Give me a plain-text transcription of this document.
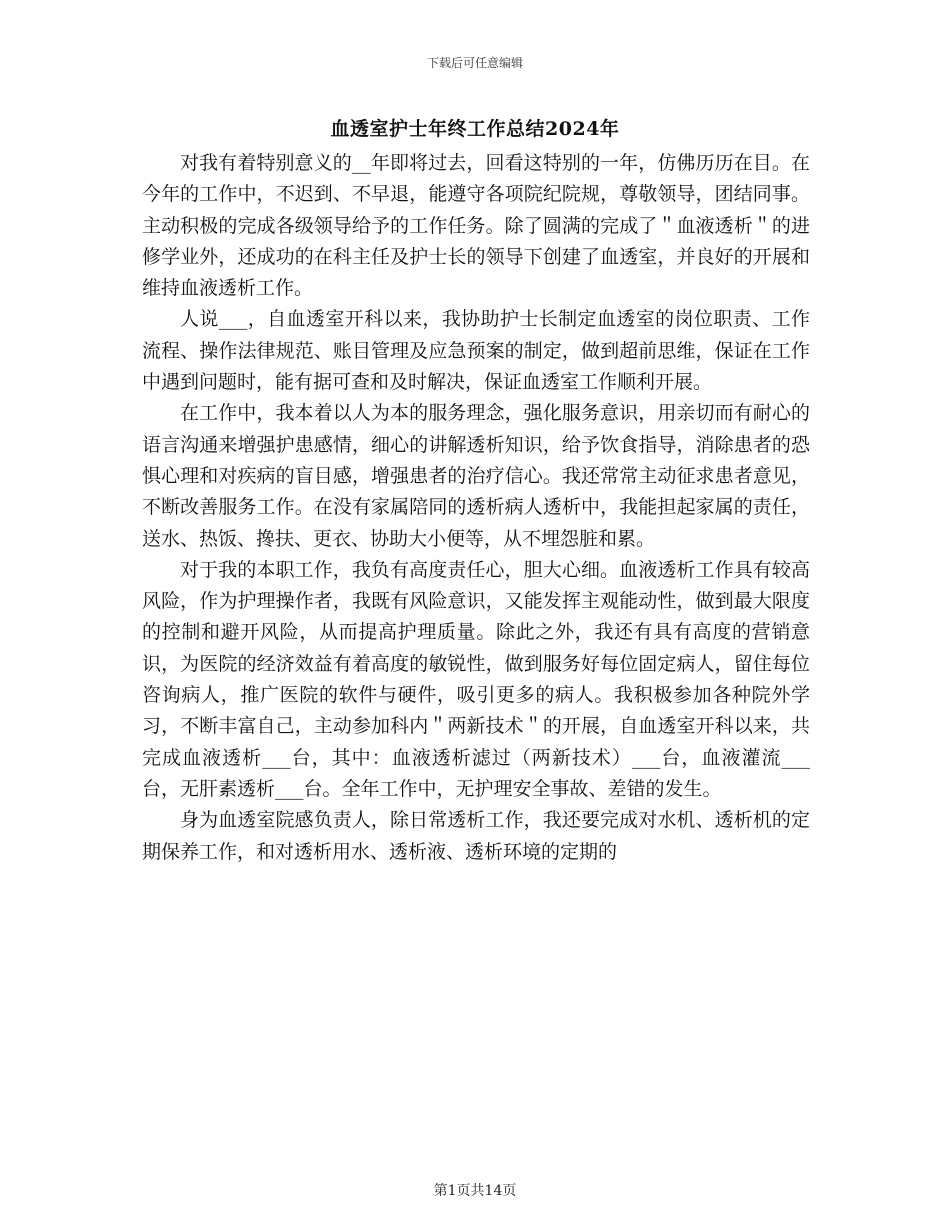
下载后可任意编辑
血透室护士年终工作总结2024年

对我有着特别意义的__年即将过去，回看这特别的一年，仿佛历历在目。在今年的工作中，不迟到、不早退，能遵守各项院纪院规，尊敬领导，团结同事。主动积极的完成各级领导给予的工作任务。除了圆满的完成了＂血液透析＂的进修学业外，还成功的在科主任及护士长的领导下创建了血透室，并良好的开展和维持血液透析工作。

人说___，自血透室开科以来，我协助护士长制定血透室的岗位职责、工作流程、操作法律规范、账目管理及应急预案的制定，做到超前思维，保证在工作中遇到问题时，能有据可查和及时解决，保证血透室工作顺利开展。

在工作中，我本着以人为本的服务理念，强化服务意识，用亲切而有耐心的语言沟通来增强护患感情，细心的讲解透析知识，给予饮食指导，消除患者的恐惧心理和对疾病的盲目感，增强患者的治疗信心。我还常常主动征求患者意见，不断改善服务工作。在没有家属陪同的透析病人透析中，我能担起家属的责任，送水、热饭、搀扶、更衣、协助大小便等，从不埋怨脏和累。

对于我的本职工作，我负有高度责任心，胆大心细。血液透析工作具有较高风险，作为护理操作者，我既有风险意识，又能发挥主观能动性，做到最大限度的控制和避开风险，从而提高护理质量。除此之外，我还有具有高度的营销意识，为医院的经济效益有着高度的敏锐性，做到服务好每位固定病人，留住每位咨询病人，推广医院的软件与硬件，吸引更多的病人。我积极参加各种院外学习，不断丰富自己，主动参加科内＂两新技术＂的开展，自血透室开科以来，共完成血液透析___台，其中：血液透析滤过（两新技术）___台，血液灌流___台，无肝素透析___台。全年工作中，无护理安全事故、差错的发生。

身为血透室院感负责人，除日常透析工作，我还要完成对水机、透析机的定期保养工作，和对透析用水、透析液、透析环境的定期的

第1页共14页
